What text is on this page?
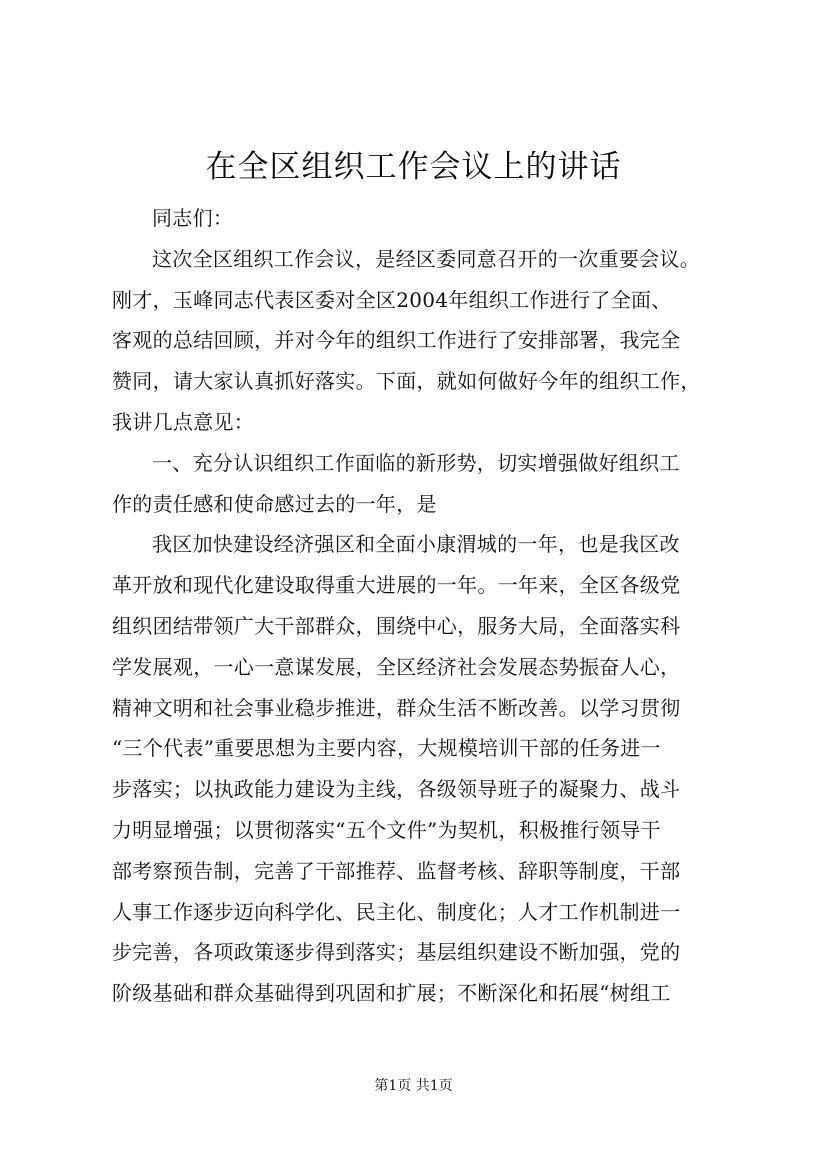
在全区组织工作会议上的讲话
同志们：
这次全区组织工作会议，是经区委同意召开的一次重要会议。
刚才，玉峰同志代表区委对全区2004年组织工作进行了全面、
客观的总结回顾，并对今年的组织工作进行了安排部署，我完全
赞同，请大家认真抓好落实。下面，就如何做好今年的组织工作，
我讲几点意见：
一、充分认识组织工作面临的新形势，切实增强做好组织工
作的责任感和使命感过去的一年，是
我区加快建设经济强区和全面小康渭城的一年，也是我区改
革开放和现代化建设取得重大进展的一年。一年来，全区各级党
组织团结带领广大干部群众，围绕中心，服务大局，全面落实科
学发展观，一心一意谋发展，全区经济社会发展态势振奋人心，
精神文明和社会事业稳步推进，群众生活不断改善。以学习贯彻
“三个代表”重要思想为主要内容，大规模培训干部的任务进一
步落实；以执政能力建设为主线，各级领导班子的凝聚力、战斗
力明显增强；以贯彻落实“五个文件”为契机，积极推行领导干
部考察预告制，完善了干部推荐、监督考核、辞职等制度，干部
人事工作逐步迈向科学化、民主化、制度化；人才工作机制进一
步完善，各项政策逐步得到落实；基层组织建设不断加强，党的
阶级基础和群众基础得到巩固和扩展；不断深化和拓展“树组工
第1页 共1页
